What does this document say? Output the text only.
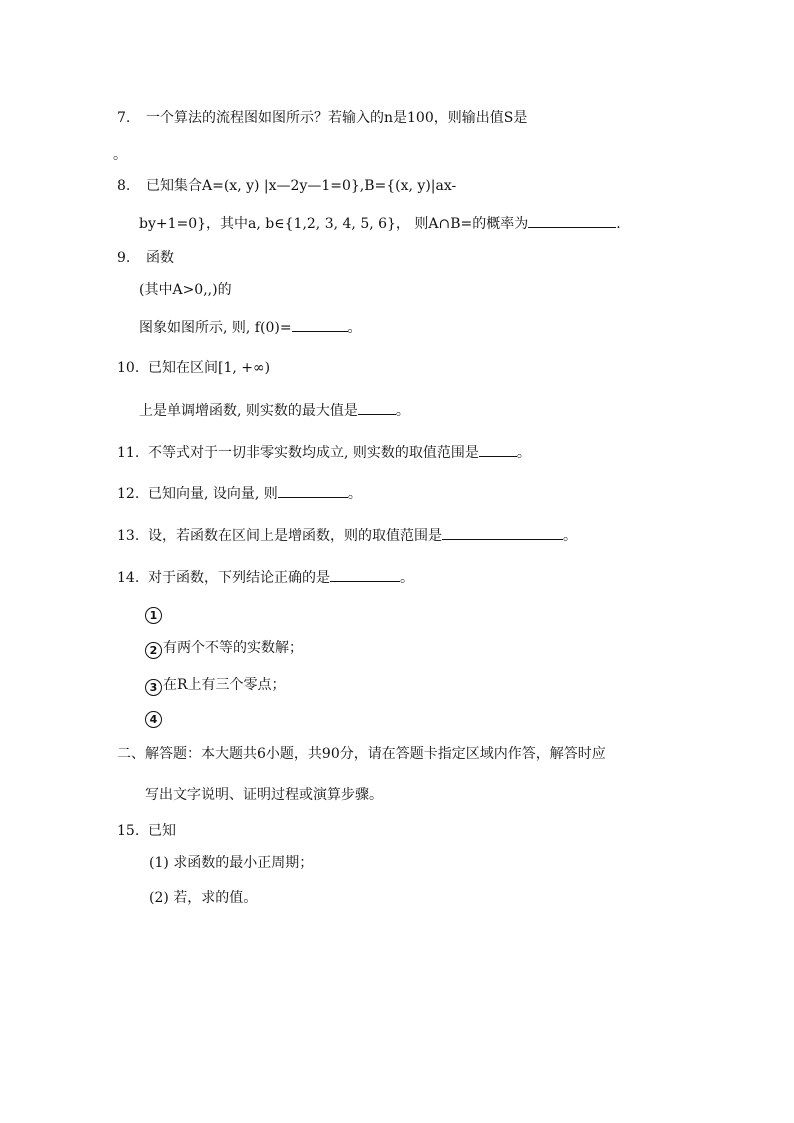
7. 一个算法的流程图如图所示？若输入的n是100，则输出值S是
。
8. 已知集合A=(x, y) |x—2y—1=0},B={(x, y)|ax-
by+1=0}，其中a, b∈{1,2, 3, 4, 5, 6}， 则A∩B=的概率为	.
9. 函数
(其中A>0,,)的
图象如图所示, 则, f(0)=	。
10. 已知在区间[1, +∞)
上是单调增函数, 则实数的最大值是	。
11. 不等式对于一切非零实数均成立, 则实数的取值范围是	。
12. 已知向量, 设向量, 则	。
13. 设，若函数在区间上是增函数，则的取值范围是	。
14. 对于函数，下列结论正确的是	。
1
2 有两个不等的实数解；
3 在R上有三个零点；
4
二、解答题：本大题共6小题，共90分，请在答题卡指定区域内作答，解答时应
写出文字说明、证明过程或演算步骤。
15. 已知
(1) 求函数的最小正周期；
(2) 若，求的值。
